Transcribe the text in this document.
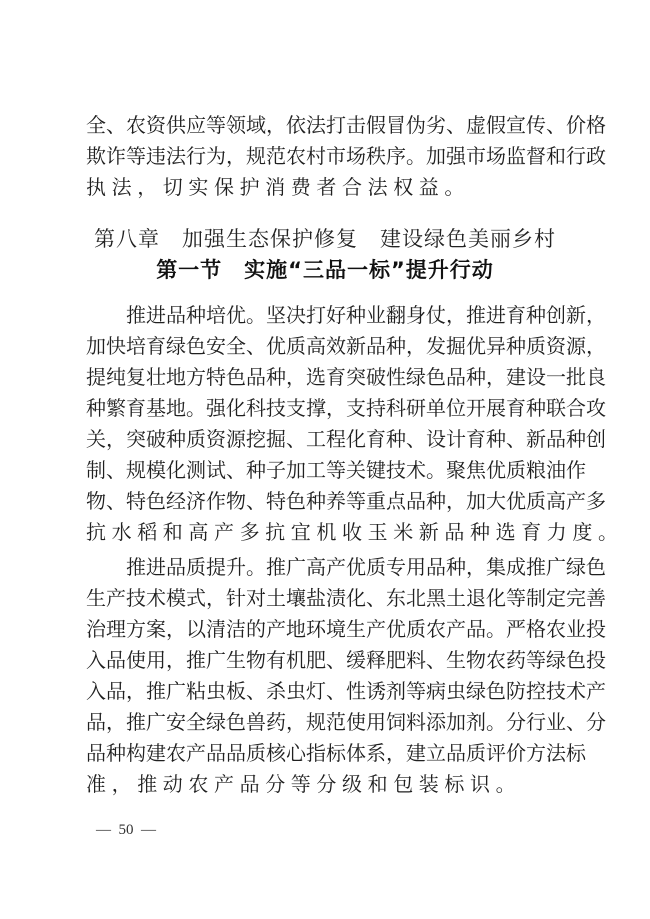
全、农资供应等领域，依法打击假冒伪劣、虚假宣传、价格
欺诈等违法行为，规范农村市场秩序。加强市场监督和行政
执法，切实保护消费者合法权益。
第八章　加强生态保护修复　建设绿色美丽乡村
第一节　实施“三品一标”提升行动
推进品种培优。坚决打好种业翻身仗，推进育种创新，
加快培育绿色安全、优质高效新品种，发掘优异种质资源，
提纯复壮地方特色品种，选育突破性绿色品种，建设一批良
种繁育基地。强化科技支撑，支持科研单位开展育种联合攻
关，突破种质资源挖掘、工程化育种、设计育种、新品种创
制、规模化测试、种子加工等关键技术。聚焦优质粮油作
物、特色经济作物、特色种养等重点品种，加大优质高产多
抗水稻和高产多抗宜机收玉米新品种选育力度。
推进品质提升。推广高产优质专用品种，集成推广绿色
生产技术模式，针对土壤盐渍化、东北黑土退化等制定完善
治理方案，以清洁的产地环境生产优质农产品。严格农业投
入品使用，推广生物有机肥、缓释肥料、生物农药等绿色投
入品，推广粘虫板、杀虫灯、性诱剂等病虫绿色防控技术产
品，推广安全绿色兽药，规范使用饲料添加剂。分行业、分
品种构建农产品品质核心指标体系，建立品质评价方法标
准，推动农产品分等分级和包装标识。
—  50  —
